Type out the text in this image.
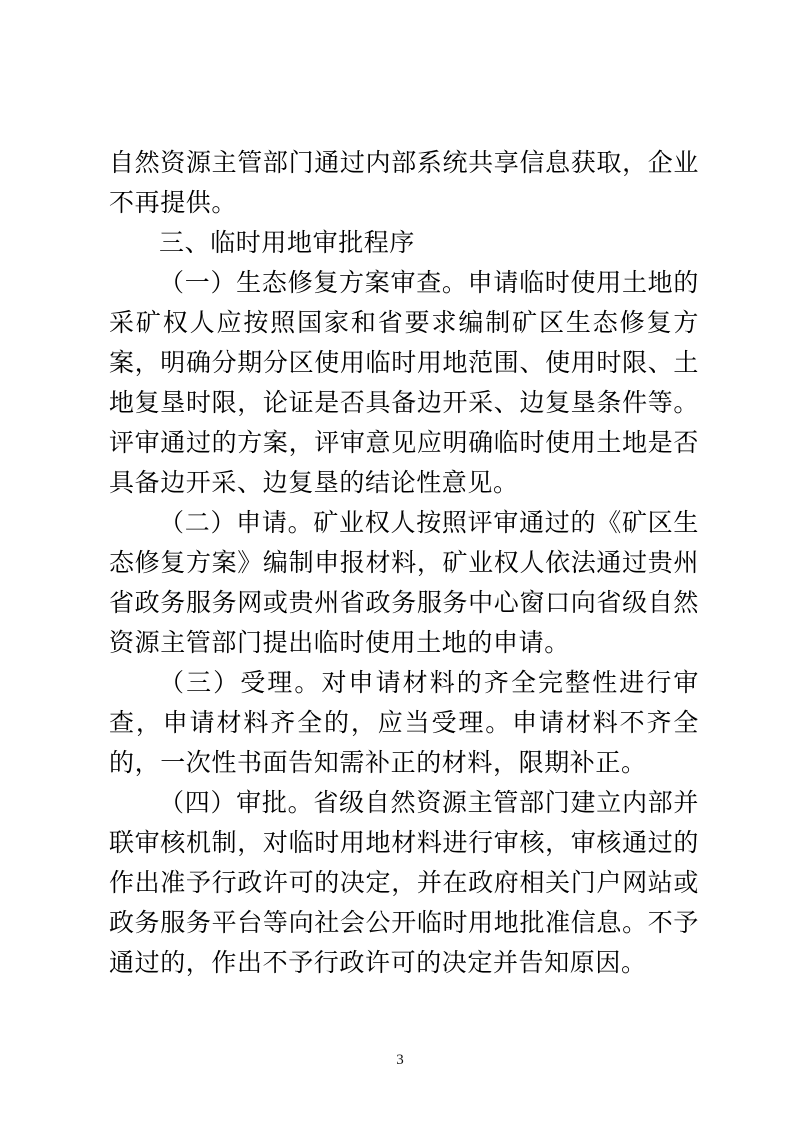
自然资源主管部门通过内部系统共享信息获取，企业不再提供。

三、临时用地审批程序

（一）生态修复方案审查。申请临时使用土地的采矿权人应按照国家和省要求编制矿区生态修复方案，明确分期分区使用临时用地范围、使用时限、土地复垦时限，论证是否具备边开采、边复垦条件等。评审通过的方案，评审意见应明确临时使用土地是否具备边开采、边复垦的结论性意见。

（二）申请。矿业权人按照评审通过的《矿区生态修复方案》编制申报材料，矿业权人依法通过贵州省政务服务网或贵州省政务服务中心窗口向省级自然资源主管部门提出临时使用土地的申请。

（三）受理。对申请材料的齐全完整性进行审查，申请材料齐全的，应当受理。申请材料不齐全的，一次性书面告知需补正的材料，限期补正。

（四）审批。省级自然资源主管部门建立内部并联审核机制，对临时用地材料进行审核，审核通过的作出准予行政许可的决定，并在政府相关门户网站或政务服务平台等向社会公开临时用地批准信息。不予通过的，作出不予行政许可的决定并告知原因。

3
